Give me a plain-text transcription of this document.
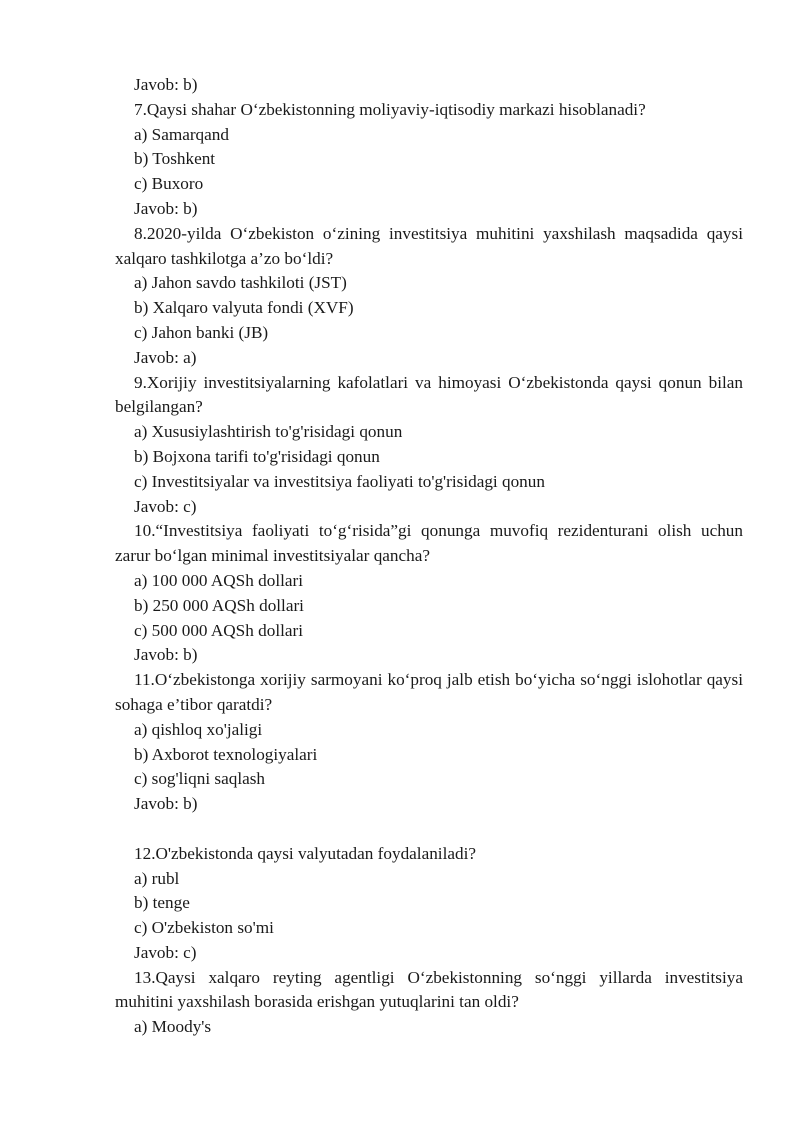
Javob: b)

7.Qaysi shahar O‘zbekistonning moliyaviy-iqtisodiy markazi hisoblanadi?

a) Samarqand

b) Toshkent

c) Buxoro

Javob: b)

8.2020-yilda O‘zbekiston o‘zining investitsiya muhitini yaxshilash maqsadida qaysi xalqaro tashkilotga a’zo bo‘ldi?

a) Jahon savdo tashkiloti (JST)

b) Xalqaro valyuta fondi (XVF)

c) Jahon banki (JB)

Javob: a)

9.Xorijiy investitsiyalarning kafolatlari va himoyasi O‘zbekistonda qaysi qonun bilan belgilangan?

a) Xususiylashtirish to'g'risidagi qonun

b) Bojxona tarifi to'g'risidagi qonun

c) Investitsiyalar va investitsiya faoliyati to'g'risidagi qonun

Javob: c)

10.“Investitsiya faoliyati to‘g‘risida”gi qonunga muvofiq rezidenturani olish uchun zarur bo‘lgan minimal investitsiyalar qancha?

a) 100 000 AQSh dollari

b) 250 000 AQSh dollari

c) 500 000 AQSh dollari

Javob: b)

11.O‘zbekistonga xorijiy sarmoyani ko‘proq jalb etish bo‘yicha so‘nggi islohotlar qaysi sohaga e’tibor qaratdi?

a) qishloq xo'jaligi

b) Axborot texnologiyalari

c) sog'liqni saqlash

Javob: b)

12.O'zbekistonda qaysi valyutadan foydalaniladi?

a) rubl

b) tenge

c) O'zbekiston so'mi

Javob: c)

13.Qaysi xalqaro reyting agentligi O‘zbekistonning so‘nggi yillarda investitsiya muhitini yaxshilash borasida erishgan yutuqlarini tan oldi?

a) Moody's
